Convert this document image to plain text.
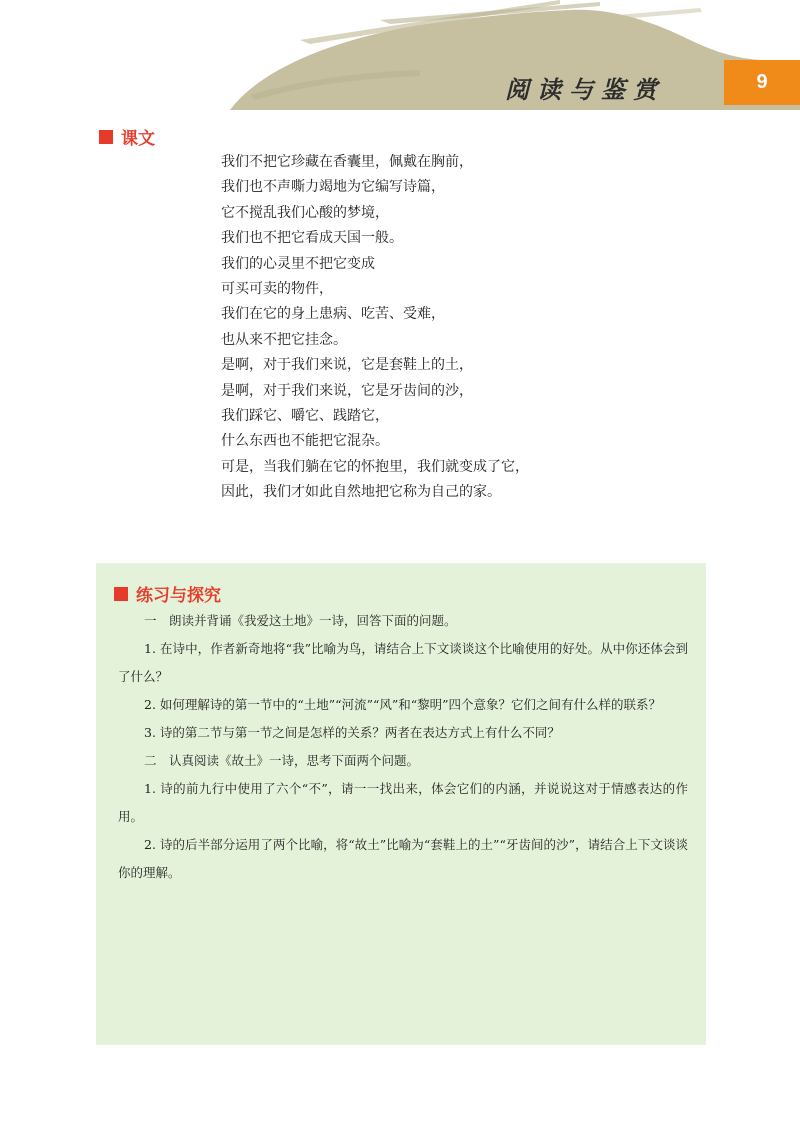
阅读与鉴赏	9
课文
我们不把它珍藏在香囊里，佩戴在胸前，
我们也不声嘶力竭地为它编写诗篇，
它不搅乱我们心酸的梦境，
我们也不把它看成天国一般。
我们的心灵里不把它变成
可买可卖的物件，
我们在它的身上患病、吃苦、受难，
也从来不把它挂念。
是啊，对于我们来说，它是套鞋上的土，
是啊，对于我们来说，它是牙齿间的沙，
我们踩它、嚼它、践踏它，
什么东西也不能把它混杂。
可是，当我们躺在它的怀抱里，我们就变成了它，
因此，我们才如此自然地把它称为自己的家。
练习与探究
一　朗读并背诵《我爱这土地》一诗，回答下面的问题。
1. 在诗中，作者新奇地将“我”比喻为鸟，请结合上下文谈谈这个比喻使用的好处。从中你还体会到了什么？
2. 如何理解诗的第一节中的“土地”“河流”“风”和“黎明”四个意象？它们之间有什么样的联系？
3. 诗的第二节与第一节之间是怎样的关系？两者在表达方式上有什么不同？
二　认真阅读《故土》一诗，思考下面两个问题。
1. 诗的前九行中使用了六个“不”，请一一找出来，体会它们的内涵，并说说这对于情感表达的作用。
2. 诗的后半部分运用了两个比喻，将“故土”比喻为“套鞋上的土”“牙齿间的沙”，请结合上下文谈谈你的理解。
